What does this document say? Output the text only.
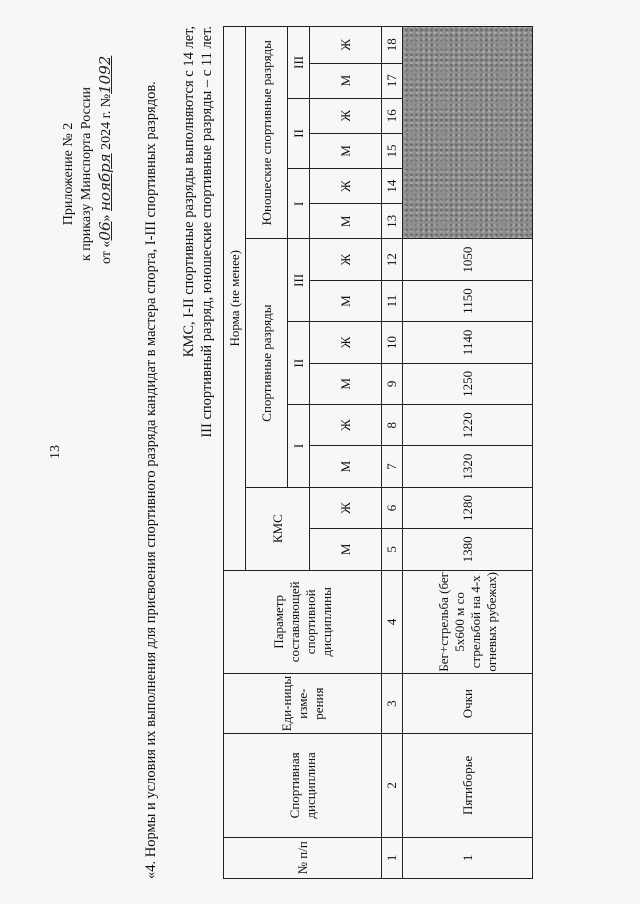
13
Приложение № 2 к приказу Минспорта России от «06» ноября 2024 г. №1092
«4. Нормы и условия их выполнения для присвоения спортивного разряда кандидат в мастера спорта, I-III спортивных разрядов. КМС, I-II спортивные разряды выполняются с 14 лет, III спортивный разряд, юношеские спортивные разряды – с 11 лет.
№ п/п	Спортивная дисциплина	Еди-ницы изме-рения	Параметр составляющей спортивной дисциплины	Норма (не менее)													
				КМС		Спортивные разряды						Юношеские спортивные разряды					
						I		II		III		I		II		III	
				М	Ж	М	Ж	М	Ж	М	Ж	М	Ж	М	Ж	М	Ж
1	2	3	4	5	6	7	8	9	10	11	12	13	14	15	16	17	18
1	Пятиборье	Очки	Бег+стрельба (бег 5х600 м со стрельбой на 4-х огневых рубежах)	1380	1280	1320	1220	1250	1140	1150	1050						
